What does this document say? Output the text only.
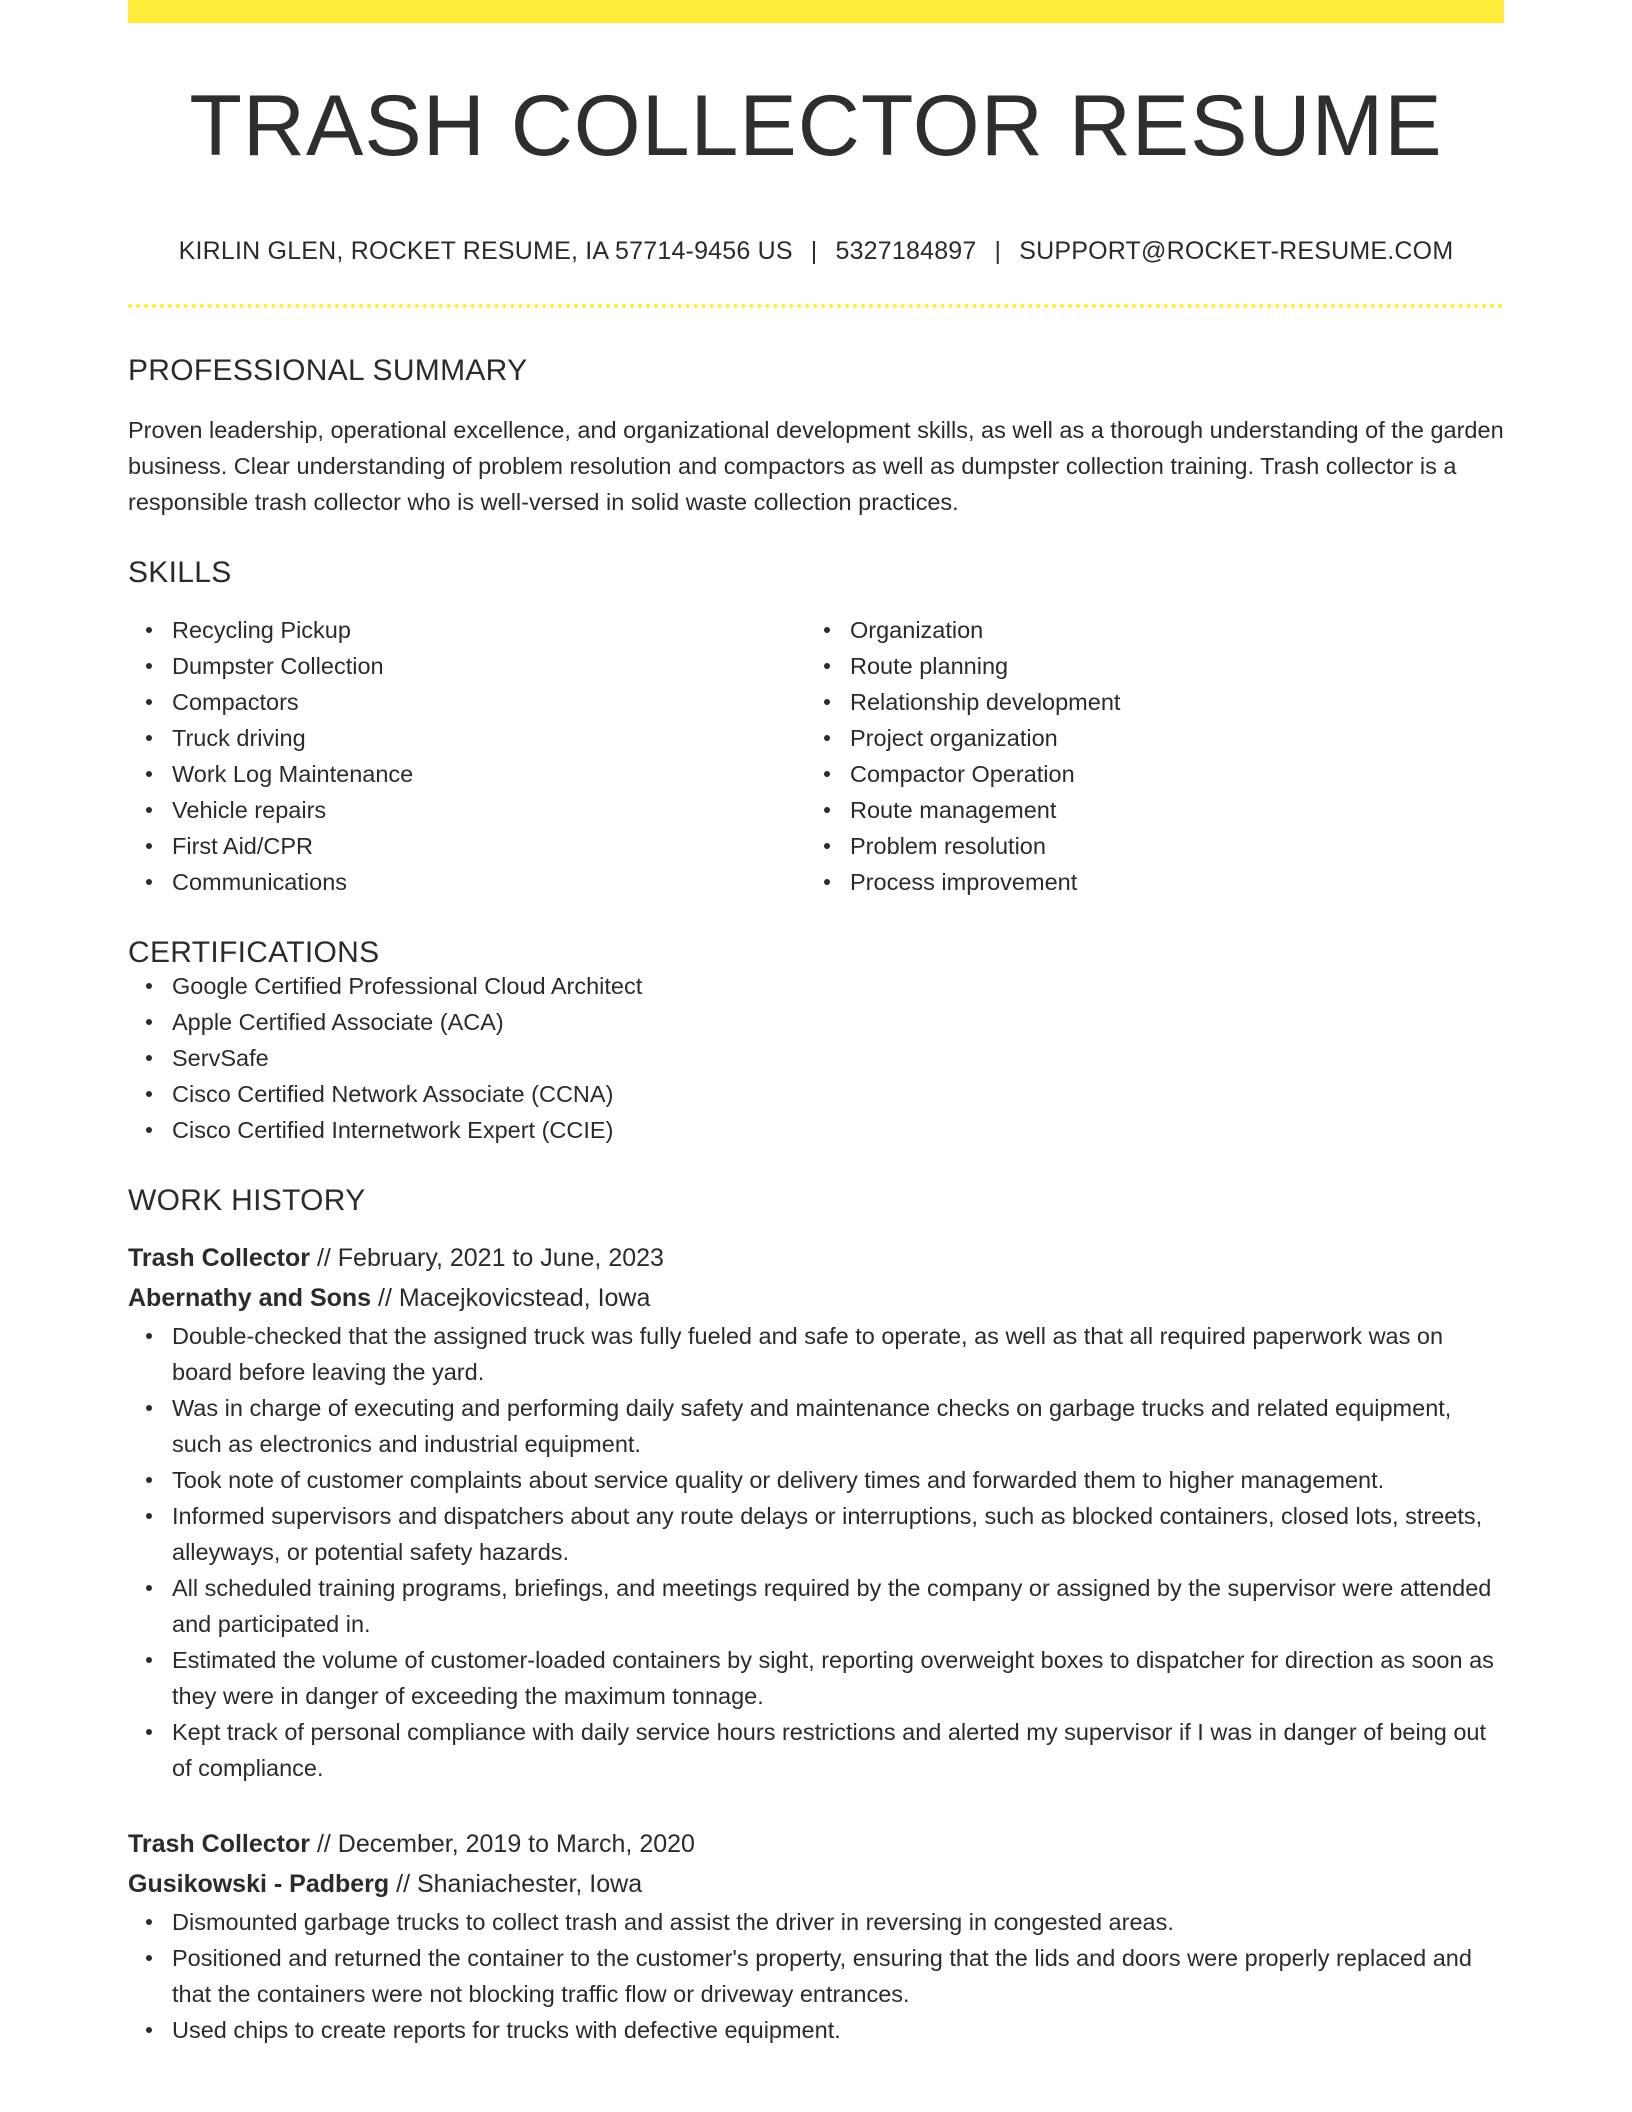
TRASH COLLECTOR RESUME
KIRLIN GLEN, ROCKET RESUME, IA 57714-9456 US | 5327184897 | SUPPORT@ROCKET-RESUME.COM
PROFESSIONAL SUMMARY
Proven leadership, operational excellence, and organizational development skills, as well as a thorough understanding of the garden business. Clear understanding of problem resolution and compactors as well as dumpster collection training. Trash collector is a responsible trash collector who is well-versed in solid waste collection practices.
SKILLS
Recycling Pickup
Dumpster Collection
Compactors
Truck driving
Work Log Maintenance
Vehicle repairs
First Aid/CPR
Communications
Organization
Route planning
Relationship development
Project organization
Compactor Operation
Route management
Problem resolution
Process improvement
CERTIFICATIONS
Google Certified Professional Cloud Architect
Apple Certified Associate (ACA)
ServSafe
Cisco Certified Network Associate (CCNA)
Cisco Certified Internetwork Expert (CCIE)
WORK HISTORY
Trash Collector // February, 2021 to June, 2023
Abernathy and Sons // Macejkovicstead, Iowa
Double-checked that the assigned truck was fully fueled and safe to operate, as well as that all required paperwork was on board before leaving the yard.
Was in charge of executing and performing daily safety and maintenance checks on garbage trucks and related equipment, such as electronics and industrial equipment.
Took note of customer complaints about service quality or delivery times and forwarded them to higher management.
Informed supervisors and dispatchers about any route delays or interruptions, such as blocked containers, closed lots, streets, alleyways, or potential safety hazards.
All scheduled training programs, briefings, and meetings required by the company or assigned by the supervisor were attended and participated in.
Estimated the volume of customer-loaded containers by sight, reporting overweight boxes to dispatcher for direction as soon as they were in danger of exceeding the maximum tonnage.
Kept track of personal compliance with daily service hours restrictions and alerted my supervisor if I was in danger of being out of compliance.
Trash Collector // December, 2019 to March, 2020
Gusikowski - Padberg // Shaniachester, Iowa
Dismounted garbage trucks to collect trash and assist the driver in reversing in congested areas.
Positioned and returned the container to the customer's property, ensuring that the lids and doors were properly replaced and that the containers were not blocking traffic flow or driveway entrances.
Used chips to create reports for trucks with defective equipment.
